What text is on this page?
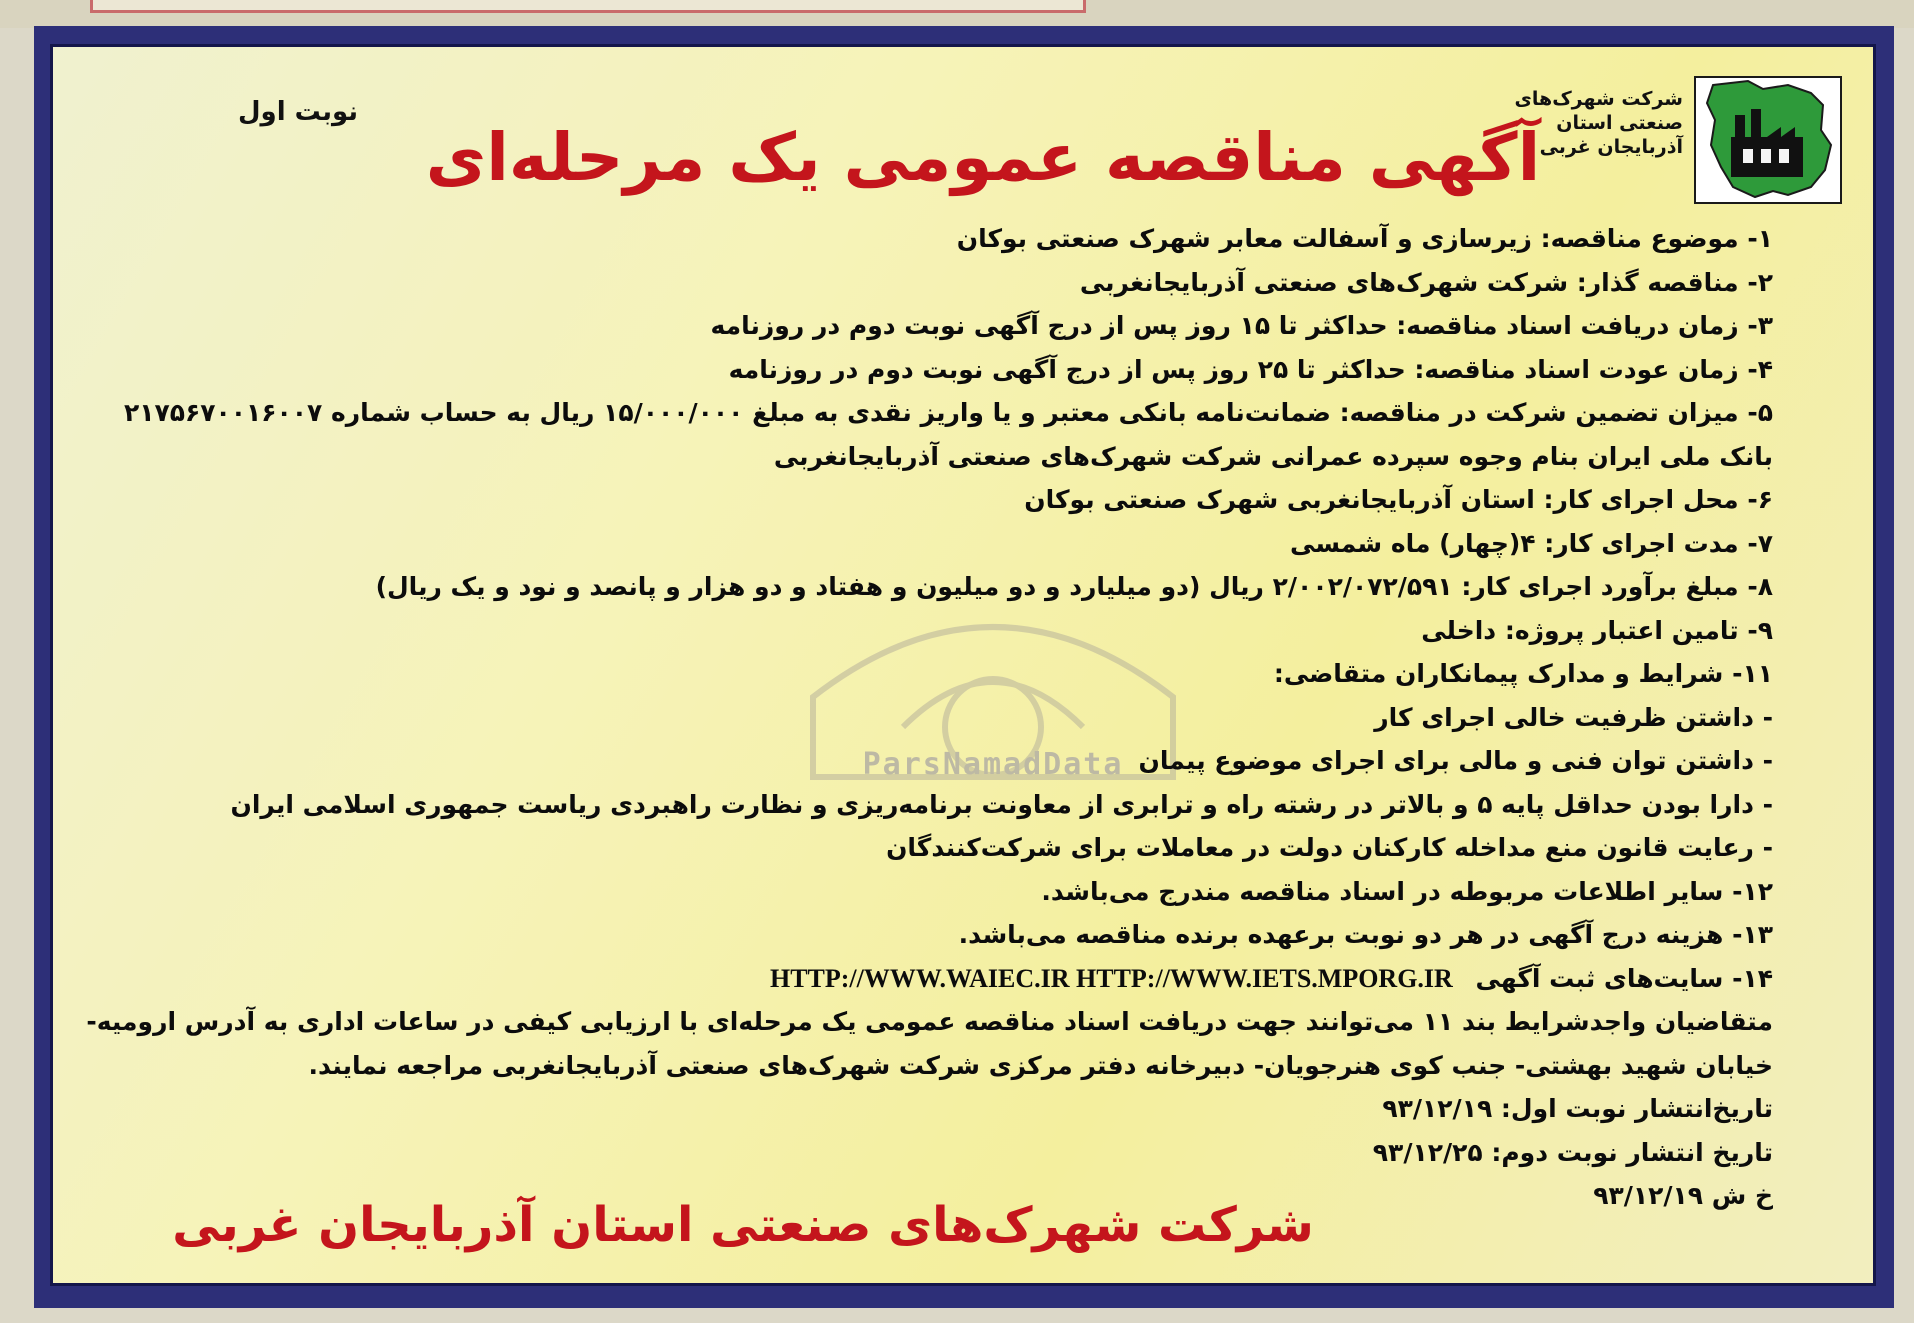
شرکت شهرک‌های
صنعتی استان
آذربایجان غربی
نوبت اول
آگهی مناقصه عمومی یک مرحله‌ای
ParsNamadData
۱- موضوع مناقصه: زیرسازی و آسفالت معابر شهرک صنعتی بوکان
۲- مناقصه گذار: شرکت شهرک‌های صنعتی آذربایجانغربی
۳- زمان دریافت اسناد مناقصه: حداکثر تا ۱۵ روز پس از درج آگهی نوبت دوم در روزنامه
۴- زمان عودت اسناد مناقصه: حداکثر تا ۲۵ روز پس از درج آگهی نوبت دوم در روزنامه
۵- میزان تضمین شرکت در مناقصه: ضمانت‌نامه بانکی معتبر و یا واریز نقدی به مبلغ ۱۵/۰۰۰/۰۰۰ ریال به حساب شماره ۲۱۷۵۶۷۰۰۱۶۰۰۷
بانک ملی ایران بنام وجوه سپرده عمرانی شرکت شهرک‌های صنعتی آذربایجانغربی
۶- محل اجرای کار: استان آذربایجانغربی شهرک صنعتی بوکان
۷- مدت اجرای کار: ۴(چهار) ماه شمسی
۸- مبلغ برآورد اجرای کار: ۲/۰۰۲/۰۷۲/۵۹۱ ریال (دو میلیارد و دو میلیون و هفتاد و دو هزار و پانصد و نود و یک ریال)
۹- تامین اعتبار پروژه: داخلی
۱۱- شرایط و مدارک پیمانکاران متقاضی:
- داشتن ظرفیت خالی اجرای کار
- داشتن توان فنی و مالی برای اجرای موضوع پیمان
- دارا بودن حداقل پایه ۵ و بالاتر در رشته راه و ترابری از معاونت برنامه‌ریزی و نظارت راهبردی ریاست جمهوری اسلامی ایران
- رعایت قانون منع مداخله کارکنان دولت در معاملات برای شرکت‌کنندگان
۱۲- سایر اطلاعات مربوطه در اسناد مناقصه مندرج می‌باشد.
۱۳- هزینه درج آگهی در هر دو نوبت برعهده برنده مناقصه می‌باشد.
۱۴- سایت‌های ثبت آگهی HTTP://WWW.WAIEC.IR HTTP://WWW.IETS.MPORG.IR
متقاضیان واجدشرایط بند ۱۱ می‌توانند جهت دریافت اسناد مناقصه عمومی یک مرحله‌ای با ارزیابی کیفی در ساعات اداری به آدرس ارومیه-
خیابان شهید بهشتی- جنب کوی هنرجویان- دبیرخانه دفتر مرکزی شرکت شهرک‌های صنعتی آذربایجانغربی مراجعه نمایند.
تاریخ‌انتشار نوبت اول: ۹۳/۱۲/۱۹
تاریخ انتشار نوبت دوم: ۹۳/۱۲/۲۵
خ ش ۹۳/۱۲/۱۹
شرکت شهرک‌های صنعتی استان آذربایجان غربی
